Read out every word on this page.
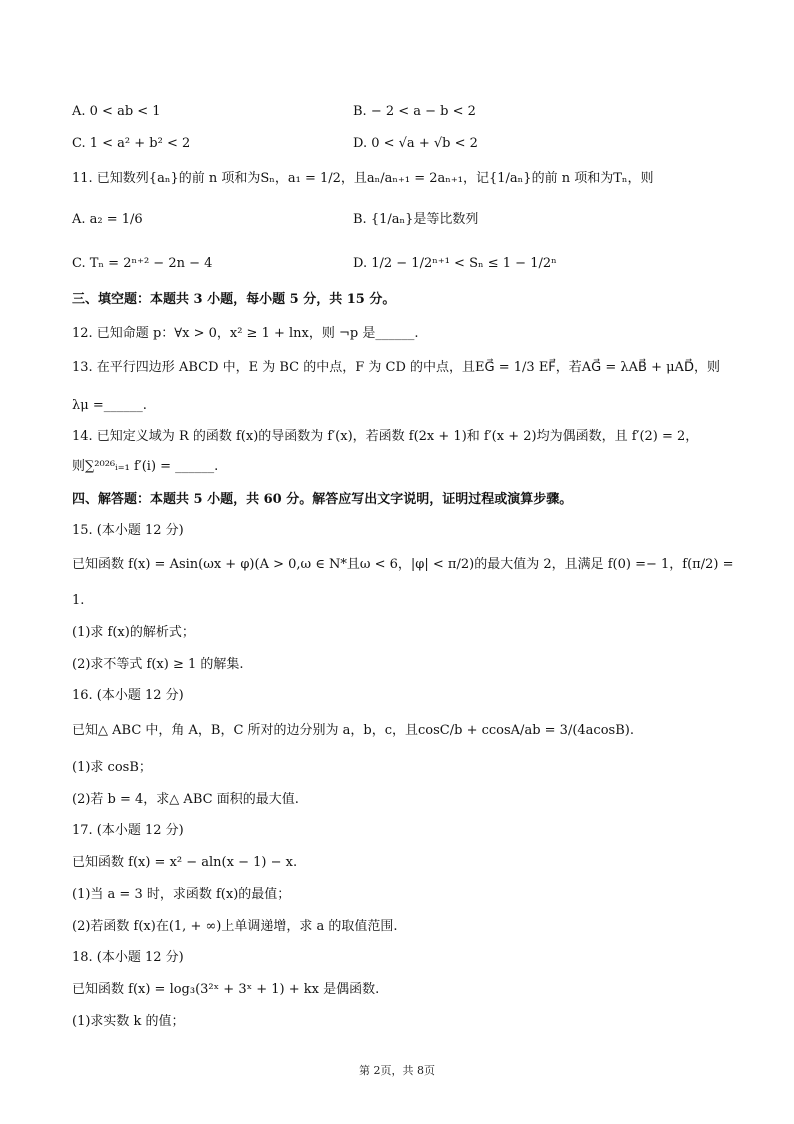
A. 0 < ab < 1	B. − 2 < a − b < 2
C. 1 < a² + b² < 2	D. 0 < √a + √b < 2
11. 已知数列{aₙ}的前 n 项和为Sₙ，a₁ = 1/2，且aₙ/aₙ₊₁ = 2aₙ₊₁，记{1/aₙ}的前 n 项和为Tₙ，则
A. a₂ = 1/6	B. {1/aₙ}是等比数列
C. Tₙ = 2ⁿ⁺² − 2n − 4	D. 1/2 − 1/2ⁿ⁺¹ < Sₙ ≤ 1 − 1/2ⁿ
三、填空题：本题共 3 小题，每小题 5 分，共 15 分。
12. 已知命题 p：∀x > 0，x² ≥ 1 + lnx，则 ¬p 是______.
13. 在平行四边形 ABCD 中，E 为 BC 的中点，F 为 CD 的中点，且EG⃗ = 1/3 EF⃗，若AG⃗ = λAB⃗ + μAD⃗，则
λμ =______.
14. 已知定义域为 R 的函数 f(x)的导函数为 f′(x)，若函数 f(2x + 1)和 f′(x + 2)均为偶函数，且 f′(2) = 2，
则∑²⁰²⁶ᵢ₌₁ f′(i) = ______.
四、解答题：本题共 5 小题，共 60 分。解答应写出文字说明，证明过程或演算步骤。
15. (本小题 12 分)
已知函数 f(x) = Asin(ωx + φ)(A > 0,ω ∈ N*且ω < 6，|φ| < π/2)的最大值为 2，且满足 f(0) =− 1，f(π/2) =
1.
(1)求 f(x)的解析式；
(2)求不等式 f(x) ≥ 1 的解集.
16. (本小题 12 分)
已知△ ABC 中，角 A，B，C 所对的边分别为 a，b，c，且cosC/b + ccosA/ab = 3/(4acosB).
(1)求 cosB；
(2)若 b = 4，求△ ABC 面积的最大值.
17. (本小题 12 分)
已知函数 f(x) = x² − aln(x − 1) − x.
(1)当 a = 3 时，求函数 f(x)的最值；
(2)若函数 f(x)在(1, + ∞)上单调递增，求 a 的取值范围.
18. (本小题 12 分)
已知函数 f(x) = log₃(3²ˣ + 3ˣ + 1) + kx 是偶函数.
(1)求实数 k 的值；
第 2页，共 8页
